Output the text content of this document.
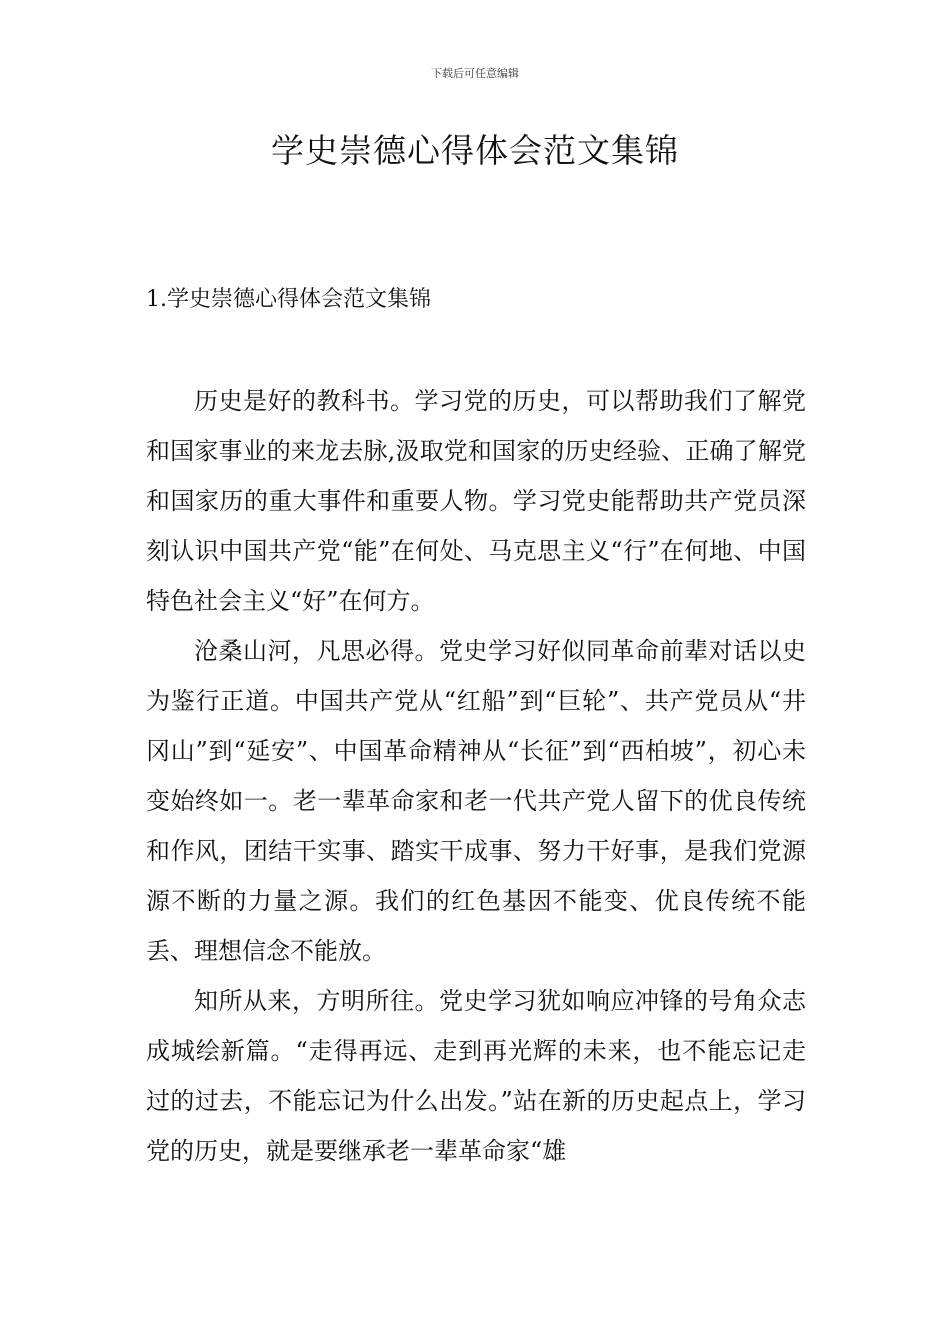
下载后可任意编辑
学史崇德心得体会范文集锦
1.学史崇德心得体会范文集锦

历史是好的教科书。学习党的历史，可以帮助我们了解党和国家事业的来龙去脉,汲取党和国家的历史经验、正确了解党和国家历的重大事件和重要人物。学习党史能帮助共产党员深刻认识中国共产党“能”在何处、马克思主义“行”在何地、中国特色社会主义“好”在何方。

沧桑山河，凡思必得。党史学习好似同革命前辈对话以史为鉴行正道。中国共产党从“红船”到“巨轮”、共产党员从“井冈山”到“延安”、中国革命精神从“长征”到“西柏坡”，初心未变始终如一。老一辈革命家和老一代共产党人留下的优良传统和作风，团结干实事、踏实干成事、努力干好事，是我们党源源不断的力量之源。我们的红色基因不能变、优良传统不能丢、理想信念不能放。

知所从来，方明所往。党史学习犹如响应冲锋的号角众志成城绘新篇。“走得再远、走到再光辉的未来，也不能忘记走过的过去，不能忘记为什么出发。”站在新的历史起点上，学习党的历史，就是要继承老一辈革命家“雄
